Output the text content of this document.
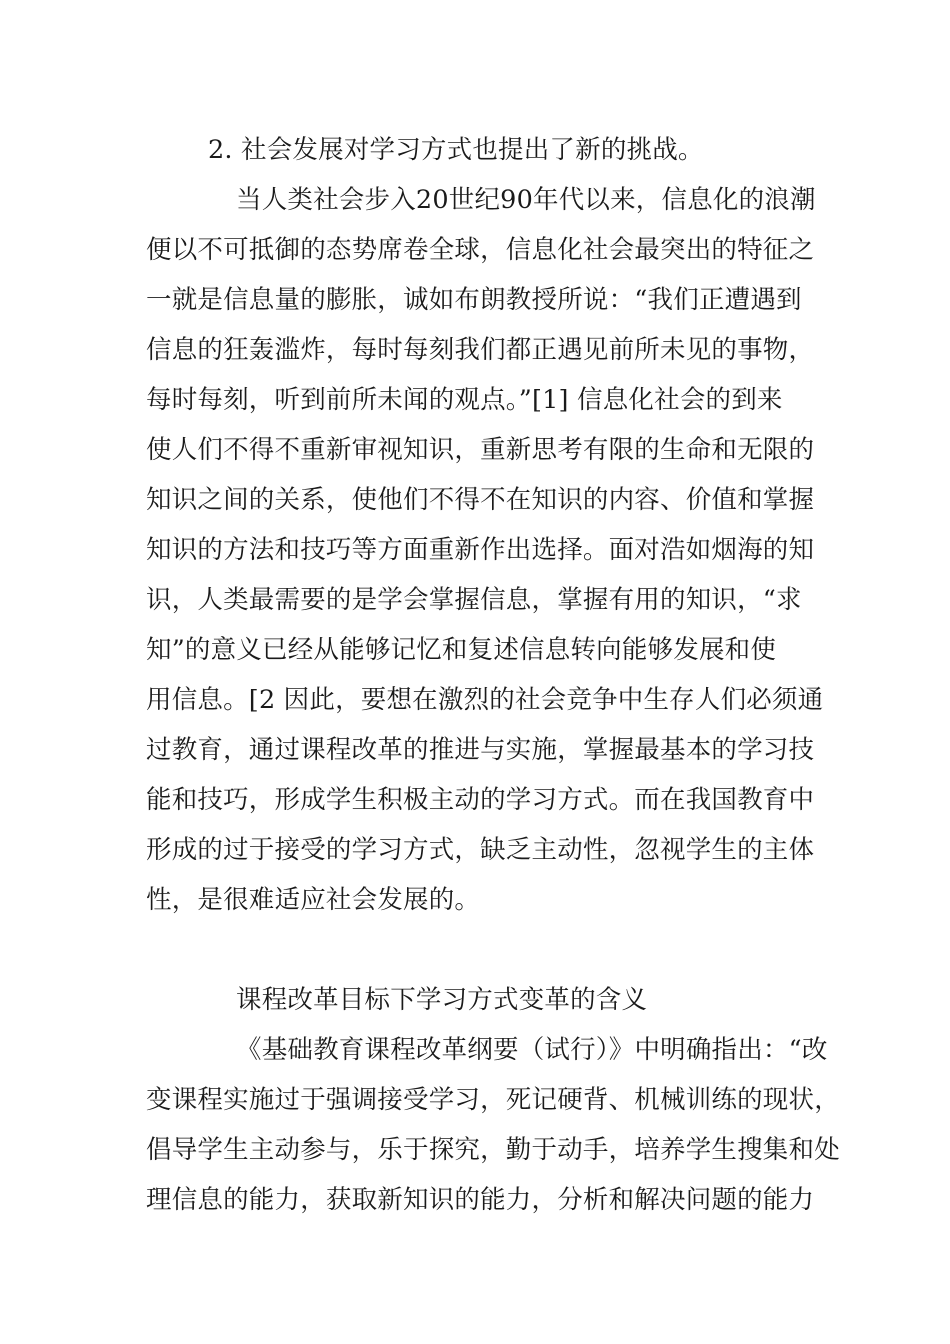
2. 社会发展对学习方式也提出了新的挑战。
当人类社会步入20世纪90年代以来，信息化的浪潮
便以不可抵御的态势席卷全球，信息化社会最突出的特征之
一就是信息量的膨胀，诚如布朗教授所说：“我们正遭遇到
信息的狂轰滥炸，每时每刻我们都正遇见前所未见的事物，
每时每刻，听到前所未闻的观点。”[1] 信息化社会的到来
使人们不得不重新审视知识，重新思考有限的生命和无限的
知识之间的关系，使他们不得不在知识的内容、价值和掌握
知识的方法和技巧等方面重新作出选择。面对浩如烟海的知
识，人类最需要的是学会掌握信息，掌握有用的知识，“求
知”的意义已经从能够记忆和复述信息转向能够发展和使
用信息。[2 因此，要想在激烈的社会竞争中生存人们必须通
过教育，通过课程改革的推进与实施，掌握最基本的学习技
能和技巧，形成学生积极主动的学习方式。而在我国教育中
形成的过于接受的学习方式，缺乏主动性，忽视学生的主体
性，是很难适应社会发展的。
课程改革目标下学习方式变革的含义
《基础教育课程改革纲要（试行）》中明确指出：“改
变课程实施过于强调接受学习，死记硬背、机械训练的现状，
倡导学生主动参与，乐于探究，勤于动手，培养学生搜集和处
理信息的能力，获取新知识的能力，分析和解决问题的能力
